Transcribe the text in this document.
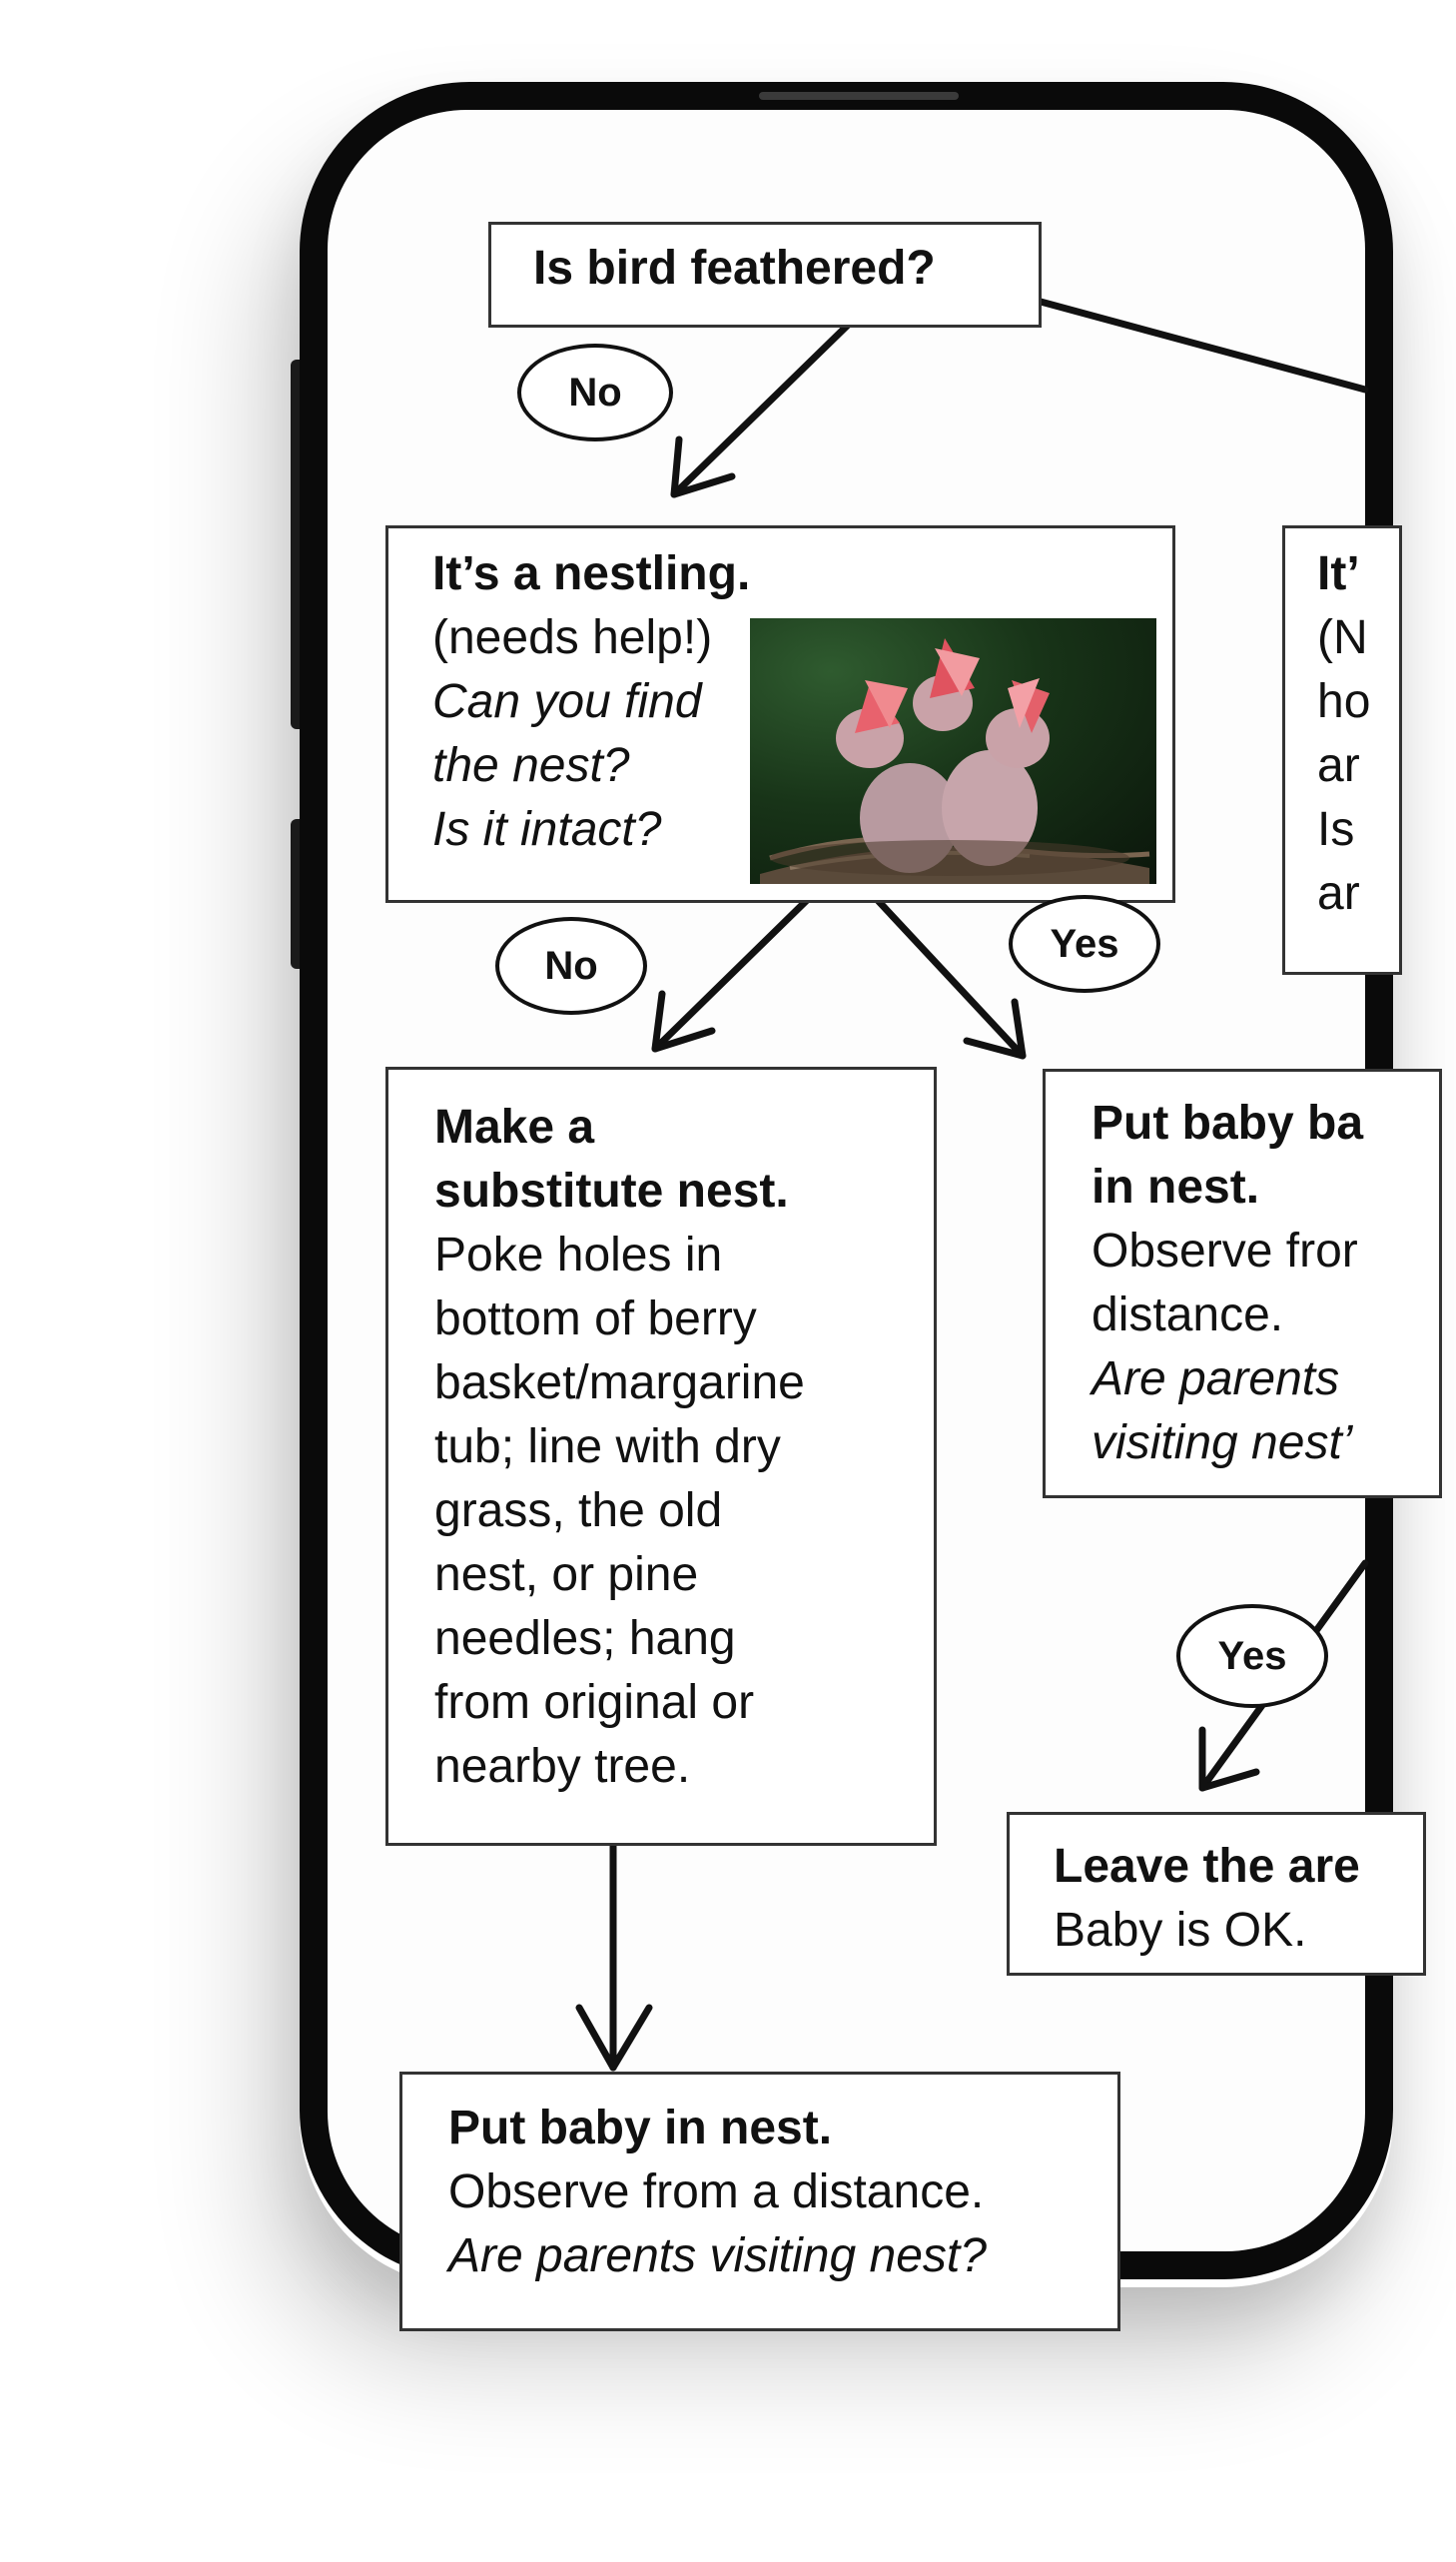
Is bird feathered?
No
It’s a nestling.
(needs help!)
Can you find
the nest?
Is it intact?
It’
(N
ho
ar
Is
ar
No	Yes
Make a
substitute nest.
Poke holes in
bottom of berry
basket/margarine
tub; line with dry
grass, the old
nest, or pine
needles; hang
from original or
nearby tree.
Put baby ba
in nest.
Observe fror
distance.
Are parents
visiting nest’
Yes
Leave the are
Baby is OK.
Put baby in nest.
Observe from a distance.
Are parents visiting nest?
